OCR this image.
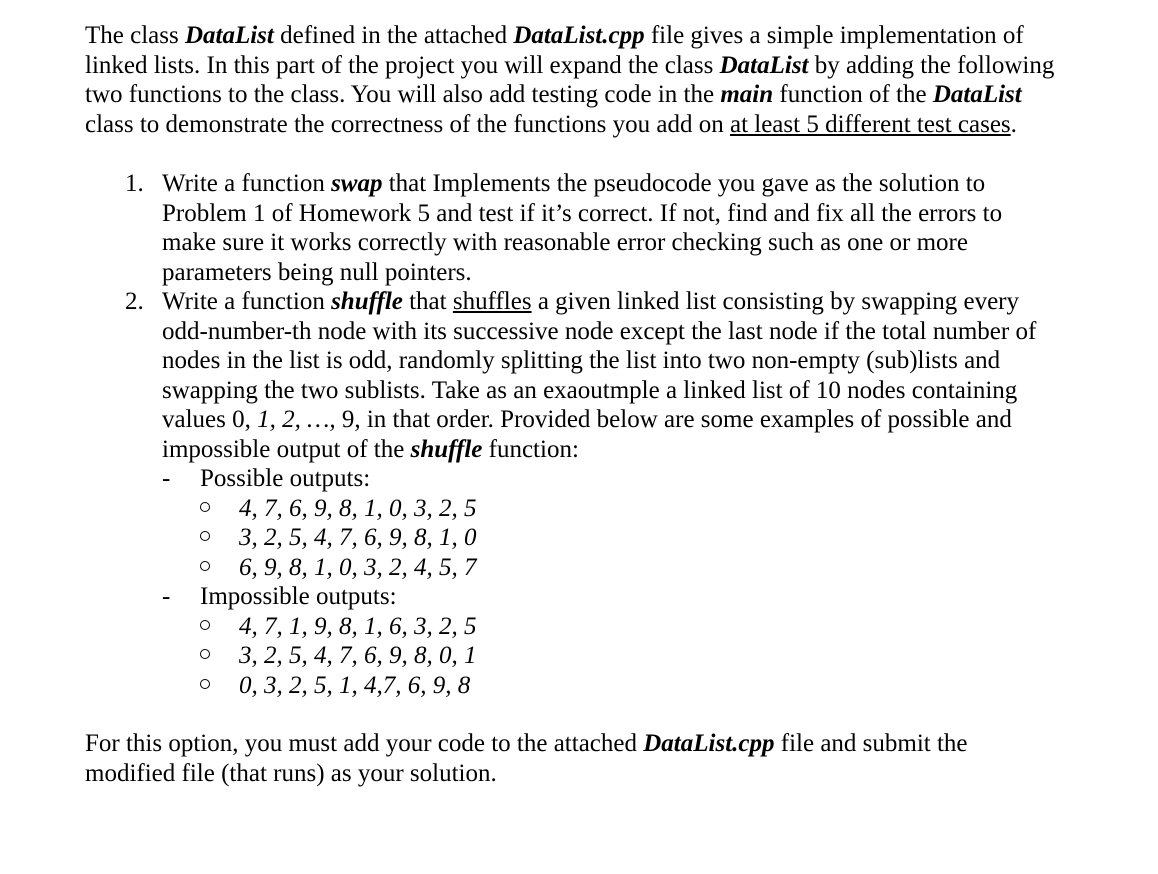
The class DataList defined in the attached DataList.cpp file gives a simple implementation of
linked lists. In this part of the project you will expand the class DataList by adding the following
two functions to the class. You will also add testing code in the main function of the DataList
class to demonstrate the correctness of the functions you add on at least 5 different test cases.

1. Write a function swap that Implements the pseudocode you gave as the solution to
Problem 1 of Homework 5 and test if it’s correct. If not, find and fix all the errors to
make sure it works correctly with reasonable error checking such as one or more
parameters being null pointers.
2. Write a function shuffle that shuffles a given linked list consisting by swapping every
odd-number-th node with its successive node except the last node if the total number of
nodes in the list is odd, randomly splitting the list into two non-empty (sub)lists and
swapping the two sublists. Take as an exaoutmple a linked list of 10 nodes containing
values 0, 1, 2, …, 9, in that order. Provided below are some examples of possible and
impossible output of the shuffle function:
- Possible outputs:
4, 7, 6, 9, 8, 1, 0, 3, 2, 5
3, 2, 5, 4, 7, 6, 9, 8, 1, 0
6, 9, 8, 1, 0, 3, 2, 4, 5, 7
- Impossible outputs:
4, 7, 1, 9, 8, 1, 6, 3, 2, 5
3, 2, 5, 4, 7, 6, 9, 8, 0, 1
0, 3, 2, 5, 1, 4,7, 6, 9, 8

For this option, you must add your code to the attached DataList.cpp file and submit the
modified file (that runs) as your solution.
